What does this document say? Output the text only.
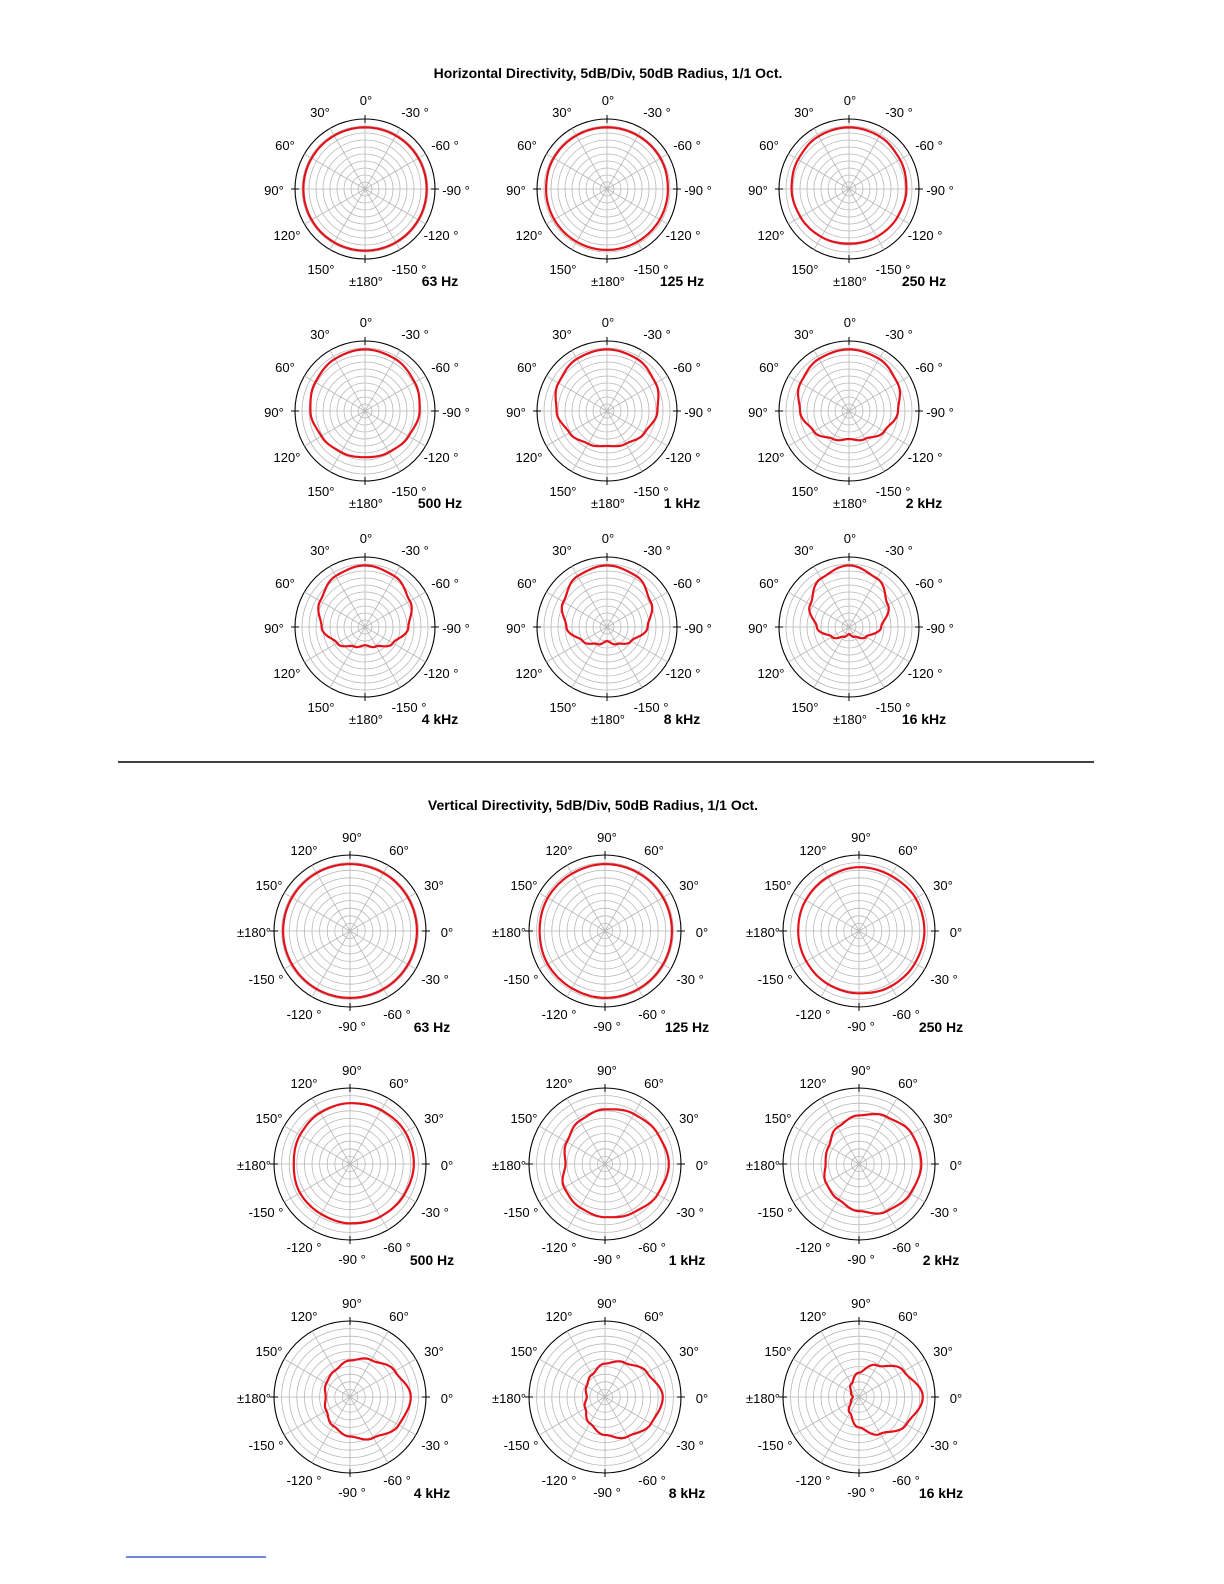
Horizontal Directivity, 5dB/Div, 50dB Radius, 1/1 Oct.
Vertical Directivity, 5dB/Div, 50dB Radius, 1/1 Oct.
0°
30°	-30 °
60°	-60 °
90°	-90 °
120°	-120 °
150°	-150 °
±180°	63 Hz
0°
30°	-30 °
60°	-60 °
90°	-90 °
120°	-120 °
150°	-150 °
±180° 125 Hz
0°
30°	-30 °
60°	-60 °
90°	-90 °
120°	-120 °
150°	-150 °
±180° 250 Hz
0°
30°	-30 °
60°	-60 °
90°	-90 °
120°	-120 °
150°	-150 °
±180° 500 Hz
0°
30°	-30 °
60°	-60 °
90°	-90 °
120°	-120 °
150°	-150 °
±180°	1 kHz
0°
30°	-30 °
60°	-60 °
90°	-90 °
120°	-120 °
150°	-150 °
±180°	2 kHz
0°
30°	-30 °
60°	-60 °
90°	-90 °
120°	-120 °
150°	-150 °
±180°	4 kHz
0°
30°	-30 °
60°	-60 °
90°	-90 °
120°	-120 °
150°	-150 °
±180°	8 kHz
0°
30°	-30 °
60°	-60 °
90°	-90 °
120°	-120 °
150°	-150 °
±180° 16 kHz
90°
120°	60°
150°	30°
±180°	0°
-150 °	-30 °
-120 °	-60 °
-90 °	63 Hz
90°
120°	60°
150°	30°
±180°	0°
-150 °	-30 °
-120 °	-60 °
-90 °	125 Hz
90°
120°	60°
150°	30°
±180°	0°
-150 °	-30 °
-120 °	-60 °
-90 °	250 Hz
90°
120°	60°
150°	30°
±180°	0°
-150 °	-30 °
-120 °	-60 °
-90 °	500 Hz
90°
120°	60°
150°	30°
±180°	0°
-150 °	-30 °
-120 °	-60 °
-90 °	1 kHz
90°
120°	60°
150°	30°
±180°	0°
-150 °	-30 °
-120 °	-60 °
-90 °	2 kHz
90°
120°	60°
150°	30°
±180°	0°
-150 °	-30 °
-120 °	-60 °
-90 °	4 kHz
90°
120°	60°
150°	30°
±180°	0°
-150 °	-30 °
-120 °	-60 °
-90 °	8 kHz
90°
120°	60°
150°	30°
±180°	0°
-150 °	-30 °
-120 °	-60 °
-90 °	16 kHz
